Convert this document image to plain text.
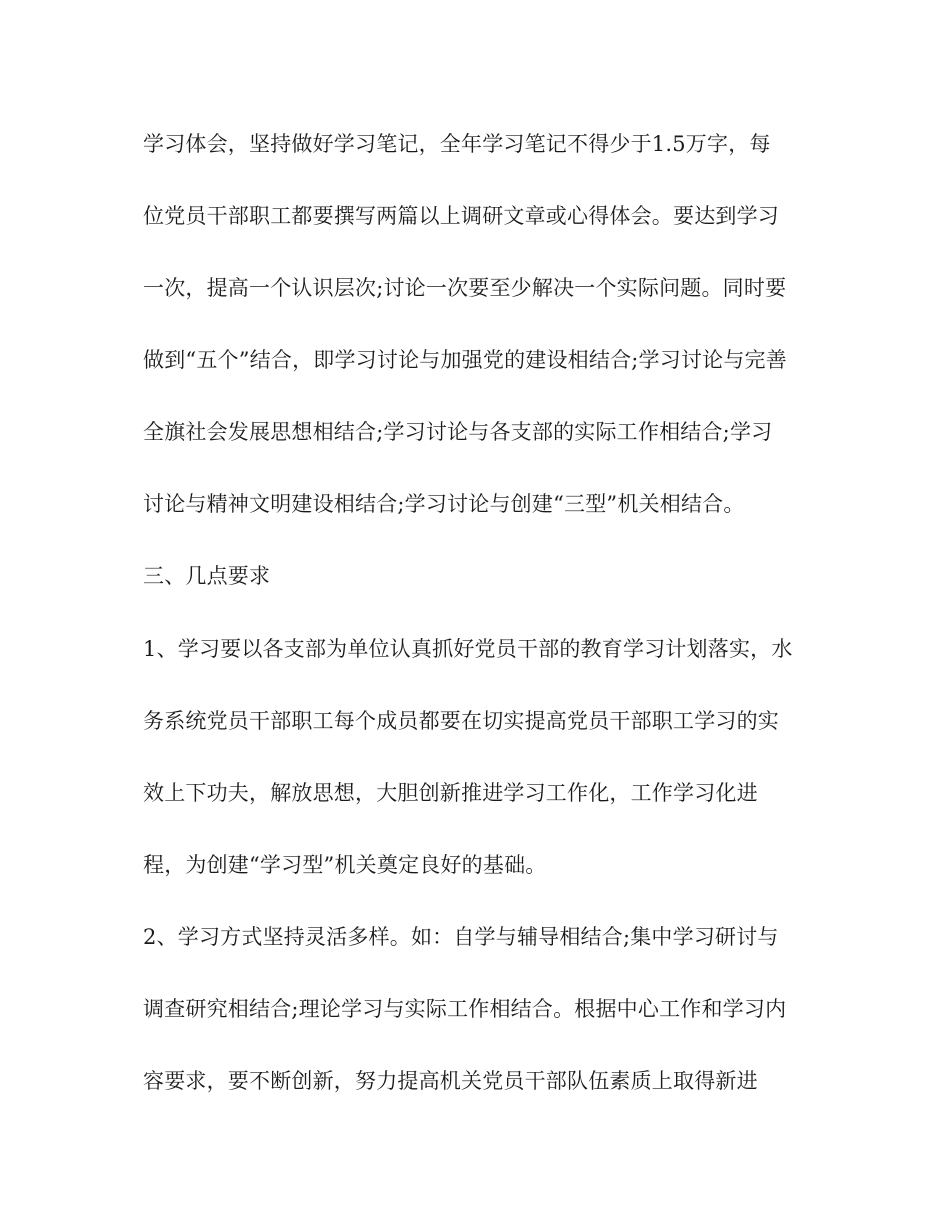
学习体会，坚持做好学习笔记，全年学习笔记不得少于1.5万字，每
位党员干部职工都要撰写两篇以上调研文章或心得体会。要达到学习
一次，提高一个认识层次;讨论一次要至少解决一个实际问题。同时要
做到“五个”结合，即学习讨论与加强党的建设相结合;学习讨论与完善
全旗社会发展思想相结合;学习讨论与各支部的实际工作相结合;学习
讨论与精神文明建设相结合;学习讨论与创建“三型”机关相结合。
三、几点要求
1、学习要以各支部为单位认真抓好党员干部的教育学习计划落实，水
务系统党员干部职工每个成员都要在切实提高党员干部职工学习的实
效上下功夫，解放思想，大胆创新推进学习工作化，工作学习化进
程，为创建“学习型”机关奠定良好的基础。
2、学习方式坚持灵活多样。如：自学与辅导相结合;集中学习研讨与
调查研究相结合;理论学习与实际工作相结合。根据中心工作和学习内
容要求，要不断创新，努力提高机关党员干部队伍素质上取得新进
